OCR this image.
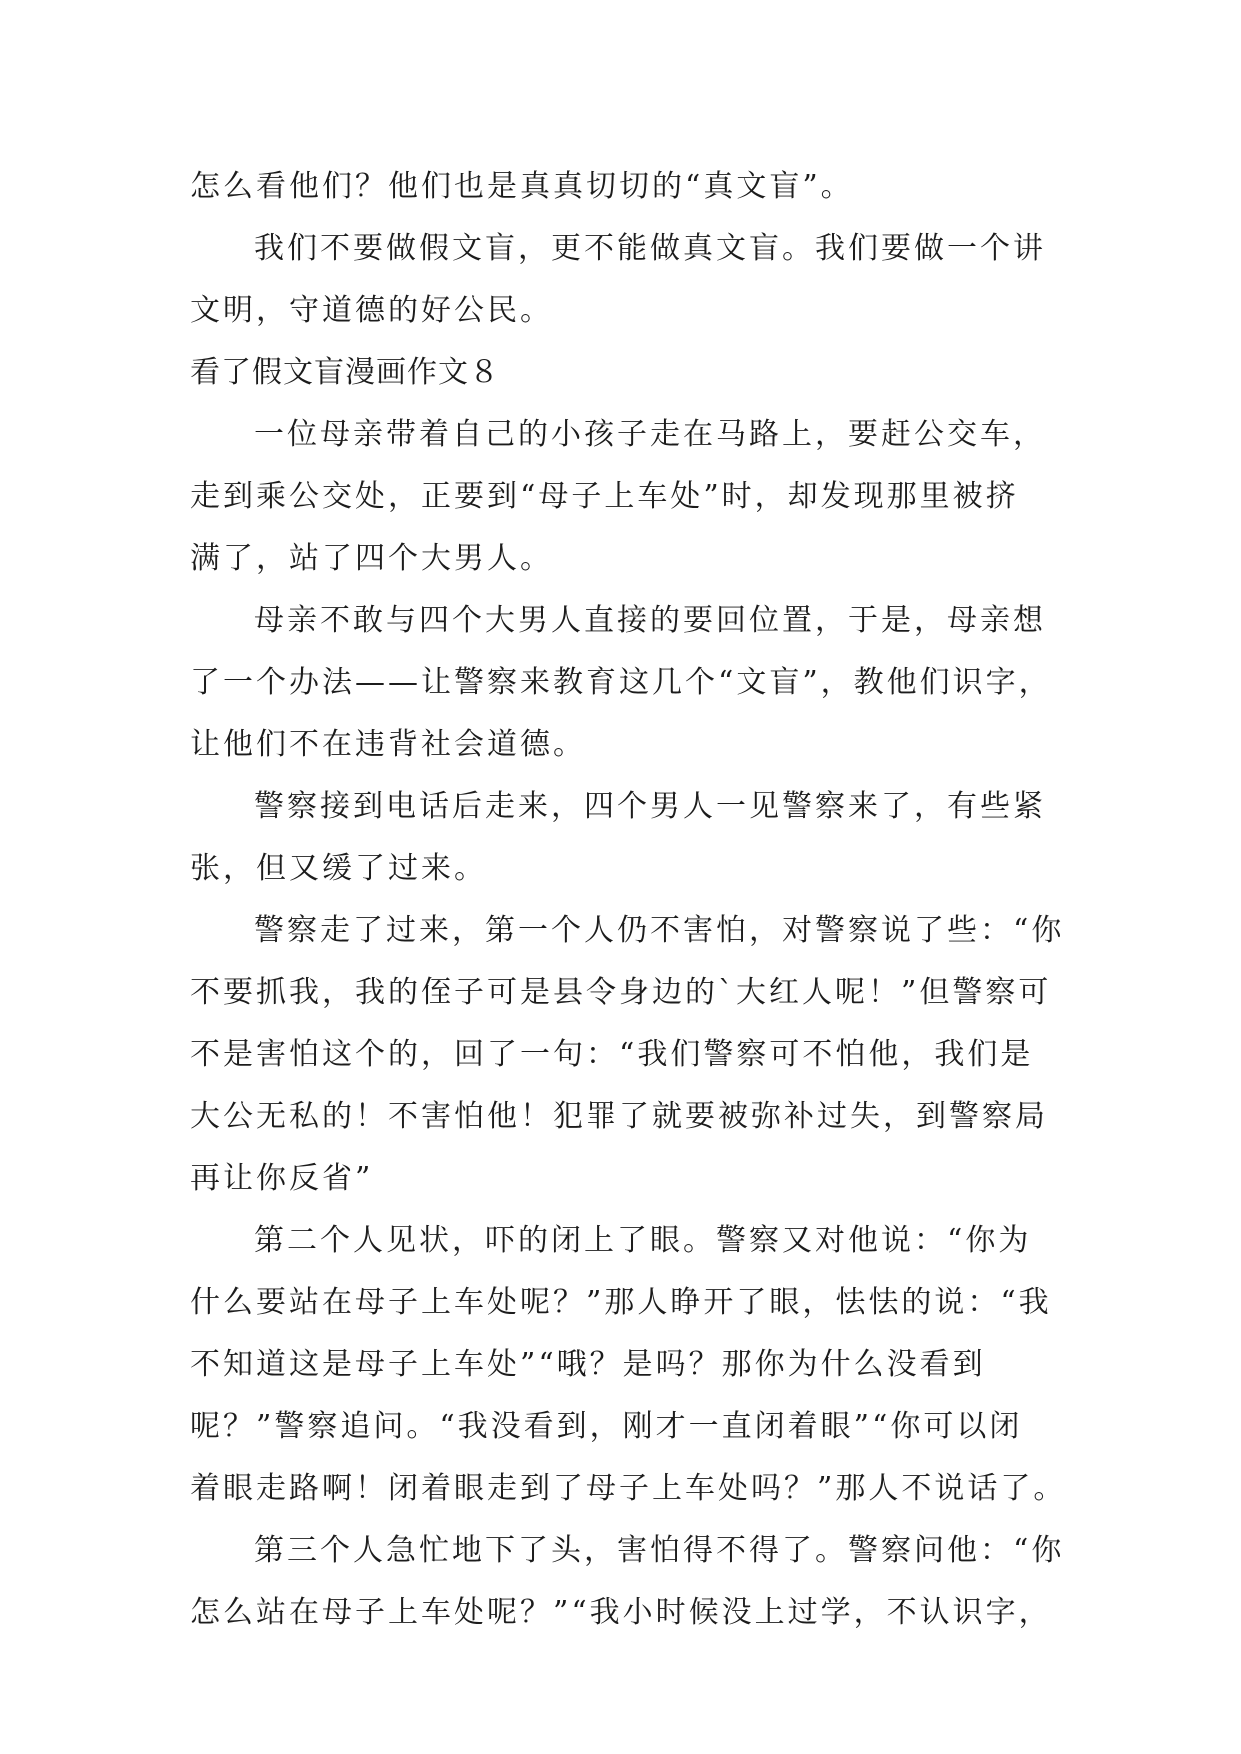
怎么看他们？他们也是真真切切的“真文盲”。
我们不要做假文盲，更不能做真文盲。我们要做一个讲
文明，守道德的好公民。
看了假文盲漫画作文８
一位母亲带着自己的小孩子走在马路上，要赶公交车，
走到乘公交处，正要到“母子上车处”时，却发现那里被挤
满了，站了四个大男人。
母亲不敢与四个大男人直接的要回位置，于是，母亲想
了一个办法——让警察来教育这几个“文盲”，教他们识字，
让他们不在违背社会道德。
警察接到电话后走来，四个男人一见警察来了，有些紧
张，但又缓了过来。
警察走了过来，第一个人仍不害怕，对警察说了些：“你
不要抓我，我的侄子可是县令身边的`大红人呢！”但警察可
不是害怕这个的，回了一句：“我们警察可不怕他，我们是
大公无私的！不害怕他！犯罪了就要被弥补过失，到警察局
再让你反省”
第二个人见状，吓的闭上了眼。警察又对他说：“你为
什么要站在母子上车处呢？”那人睁开了眼，怯怯的说：“我
不知道这是母子上车处”“哦？是吗？那你为什么没看到
呢？”警察追问。“我没看到，刚才一直闭着眼”“你可以闭
着眼走路啊！闭着眼走到了母子上车处吗？”那人不说话了。
第三个人急忙地下了头，害怕得不得了。警察问他：“你
怎么站在母子上车处呢？”“我小时候没上过学，不认识字，
